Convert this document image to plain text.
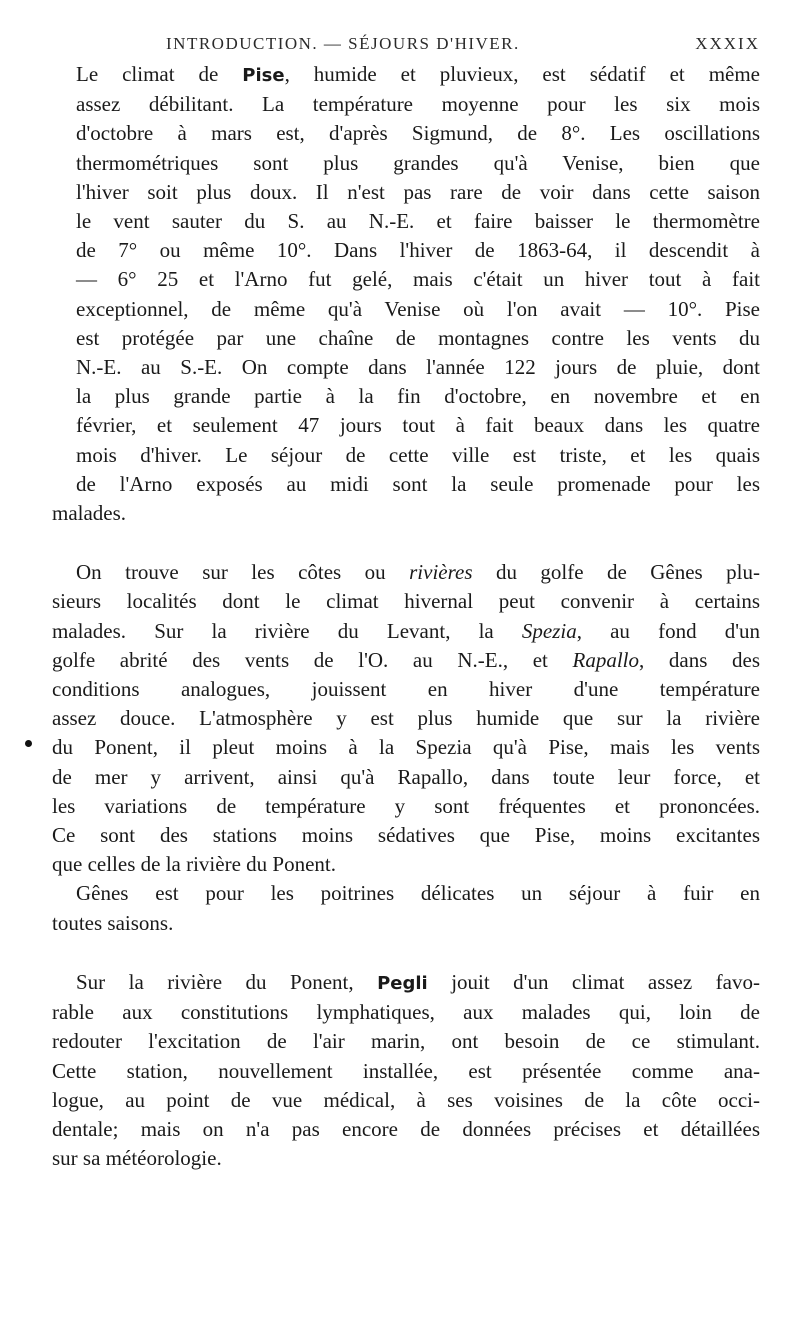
INTRODUCTION. — SÉJOURS D'HIVER.	XXXIX
Le climat de Pise, humide et pluvieux, est sédatif et même
assez débilitant. La température moyenne pour les six mois
d'octobre à mars est, d'après Sigmund, de 8°. Les oscillations
thermométriques sont plus grandes qu'à Venise, bien que
l'hiver soit plus doux. Il n'est pas rare de voir dans cette saison
le vent sauter du S. au N.-E. et faire baisser le thermomètre
de 7° ou même 10°. Dans l'hiver de 1863-64, il descendit à
— 6° 25 et l'Arno fut gelé, mais c'était un hiver tout à fait
exceptionnel, de même qu'à Venise où l'on avait — 10°. Pise
est protégée par une chaîne de montagnes contre les vents du
N.-E. au S.-E. On compte dans l'année 122 jours de pluie, dont
la plus grande partie à la fin d'octobre, en novembre et en
février, et seulement 47 jours tout à fait beaux dans les quatre
mois d'hiver. Le séjour de cette ville est triste, et les quais
de l'Arno exposés au midi sont la seule promenade pour les
malades.
On trouve sur les côtes ou rivières du golfe de Gênes plu-
sieurs localités dont le climat hivernal peut convenir à certains
malades. Sur la rivière du Levant, la Spezia, au fond d'un
golfe abrité des vents de l'O. au N.-E., et Rapallo, dans des
conditions analogues, jouissent en hiver d'une température
assez douce. L'atmosphère y est plus humide que sur la rivière
du Ponent, il pleut moins à la Spezia qu'à Pise, mais les vents
de mer y arrivent, ainsi qu'à Rapallo, dans toute leur force, et
les variations de température y sont fréquentes et prononcées.
Ce sont des stations moins sédatives que Pise, moins excitantes
que celles de la rivière du Ponent.
Gênes est pour les poitrines délicates un séjour à fuir en
toutes saisons.
Sur la rivière du Ponent, Pegli jouit d'un climat assez favo-
rable aux constitutions lymphatiques, aux malades qui, loin de
redouter l'excitation de l'air marin, ont besoin de ce stimulant.
Cette station, nouvellement installée, est présentée comme ana-
logue, au point de vue médical, à ses voisines de la côte occi-
dentale; mais on n'a pas encore de données précises et détaillées
sur sa météorologie.
